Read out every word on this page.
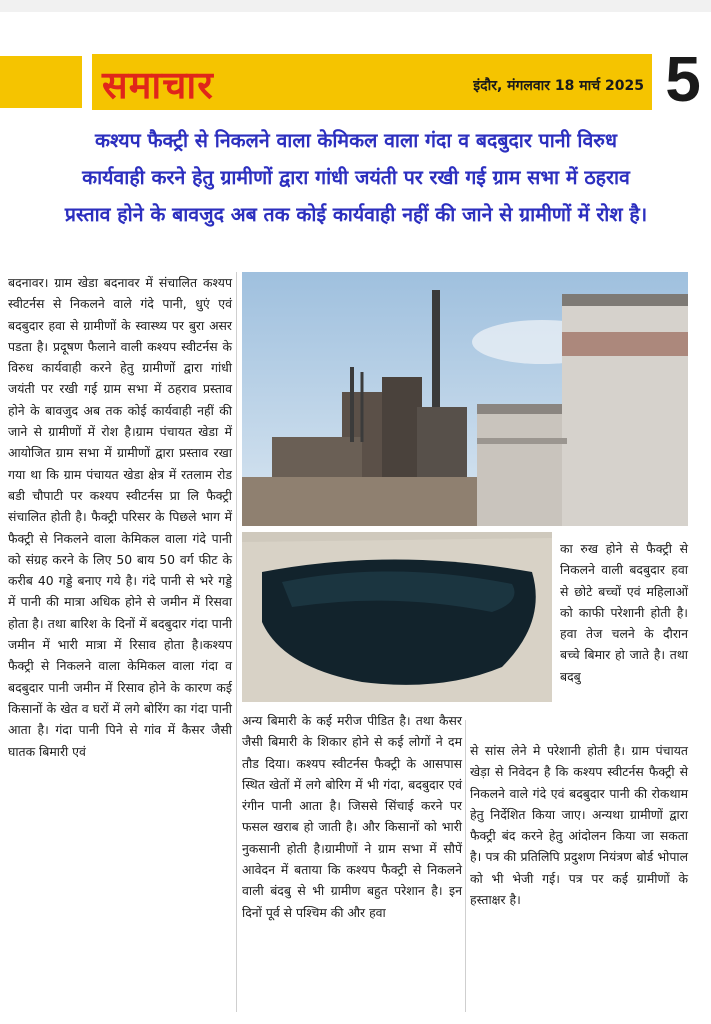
समाचार	इंदौर, मंगलवार 18 मार्च 2025 5
कश्यप फैक्ट्री से निकलने वाला केमिकल वाला गंदा व बदबुदार पानी विरुध
कार्यवाही करने हेतु ग्रामीणों द्वारा गांधी जयंती पर रखी गई ग्राम सभा में ठहराव
प्रस्ताव होने के बावजुद अब तक कोई कार्यवाही नहीं की जाने से ग्रामीणों में रोश है।
बदनावर। ग्राम खेडा बदनावर में संचालित कश्यप स्वीटर्नस से निकलने वाले गंदे पानी, धुएं एवं बदबुदार हवा से ग्रामीणों के स्वास्थ्य पर बुरा असर पडता है। प्रदूषण फैलाने वाली कश्यप स्वीटर्नस के विरुध कार्यवाही करने हेतु ग्रामीणों द्वारा गांधी जयंती पर रखी गई ग्राम सभा में ठहराव प्रस्ताव होने के बावजुद अब तक कोई कार्यवाही नहीं की जाने से ग्रामीणों में रोश है।ग्राम पंचायत खेडा में आयोजित ग्राम सभा में ग्रामीणों द्वारा प्रस्ताव रखा गया था कि ग्राम पंचायत खेडा क्षेत्र में रतलाम रोड बडी चौपाटी पर कश्यप स्वीटर्नस प्रा लि फैक्ट्री संचालित होती है। फैक्ट्री परिसर के पिछले भाग में फैक्ट्री से निकलने वाला केमिकल वाला गंदे पानी को संग्रह करने के लिए 50 बाय 50 वर्ग फीट के करीब 40 गड्डे बनाए गये है। गंदे पानी से भरे गड्डे में पानी की मात्रा अधिक होने से जमीन में रिसवा होता है। तथा बारिश के दिनों में बदबुदार गंदा पानी जमीन में भारी मात्रा में रिसाव होता है।कश्यप फैक्ट्री से निकलने वाला केमिकल वाला गंदा व बदबुदार पानी जमीन में रिसाव होने के कारण कई किसानों के खेत व घरों में लगे बोरिंग का गंदा पानी आता है। गंदा पानी पिने से गांव में कैसर जैसी घातक बिमारी एवं
का रुख होने से फैक्ट्री से निकलने वाली बदबुदार हवा से छोटे बच्चों एवं महिलाओं को काफी परेशानी होती है। हवा तेज चलने के दौरान बच्चे बिमार हो जाते है। तथा बदबु
अन्य बिमारी के कई मरीज पीडित है। तथा कैसर जैसी बिमारी के शिकार होने से कई लोगों ने दम तौड दिया। कश्यप स्वीटर्नस फैक्ट्री के आसपास स्थित खेतों में लगे बोरिग में भी गंदा, बदबुदार एवं रंगीन पानी आता है। जिससे सिंचाई करने पर फसल खराब हो जाती है। और किसानों को भारी नुकसानी होती है।ग्रामीणों ने ग्राम सभा में सौपें आवेदन में बताया कि कश्यप फैक्ट्री से निकलने वाली बंदबु से भी ग्रामीण बहुत परेशान है। इन दिनों पूर्व से पश्चिम की और हवा
से सांस लेने मे परेशानी होती है। ग्राम पंचायत खेड़ा से निवेदन है कि कश्यप स्वीटर्नस फैक्ट्री से निकलने वाले गंदे एवं बदबुदार पानी की रोकथाम हेतु निर्देशित किया जाए। अन्यथा ग्रामीणों द्वारा फैक्ट्री बंद करने हेतु आंदोलन किया जा सकता है। पत्र की प्रतिलिपि प्रदुशण नियंत्रण बोर्ड भोपाल को भी भेजी गई। पत्र पर कई ग्रामीणों के हस्ताक्षर है।
